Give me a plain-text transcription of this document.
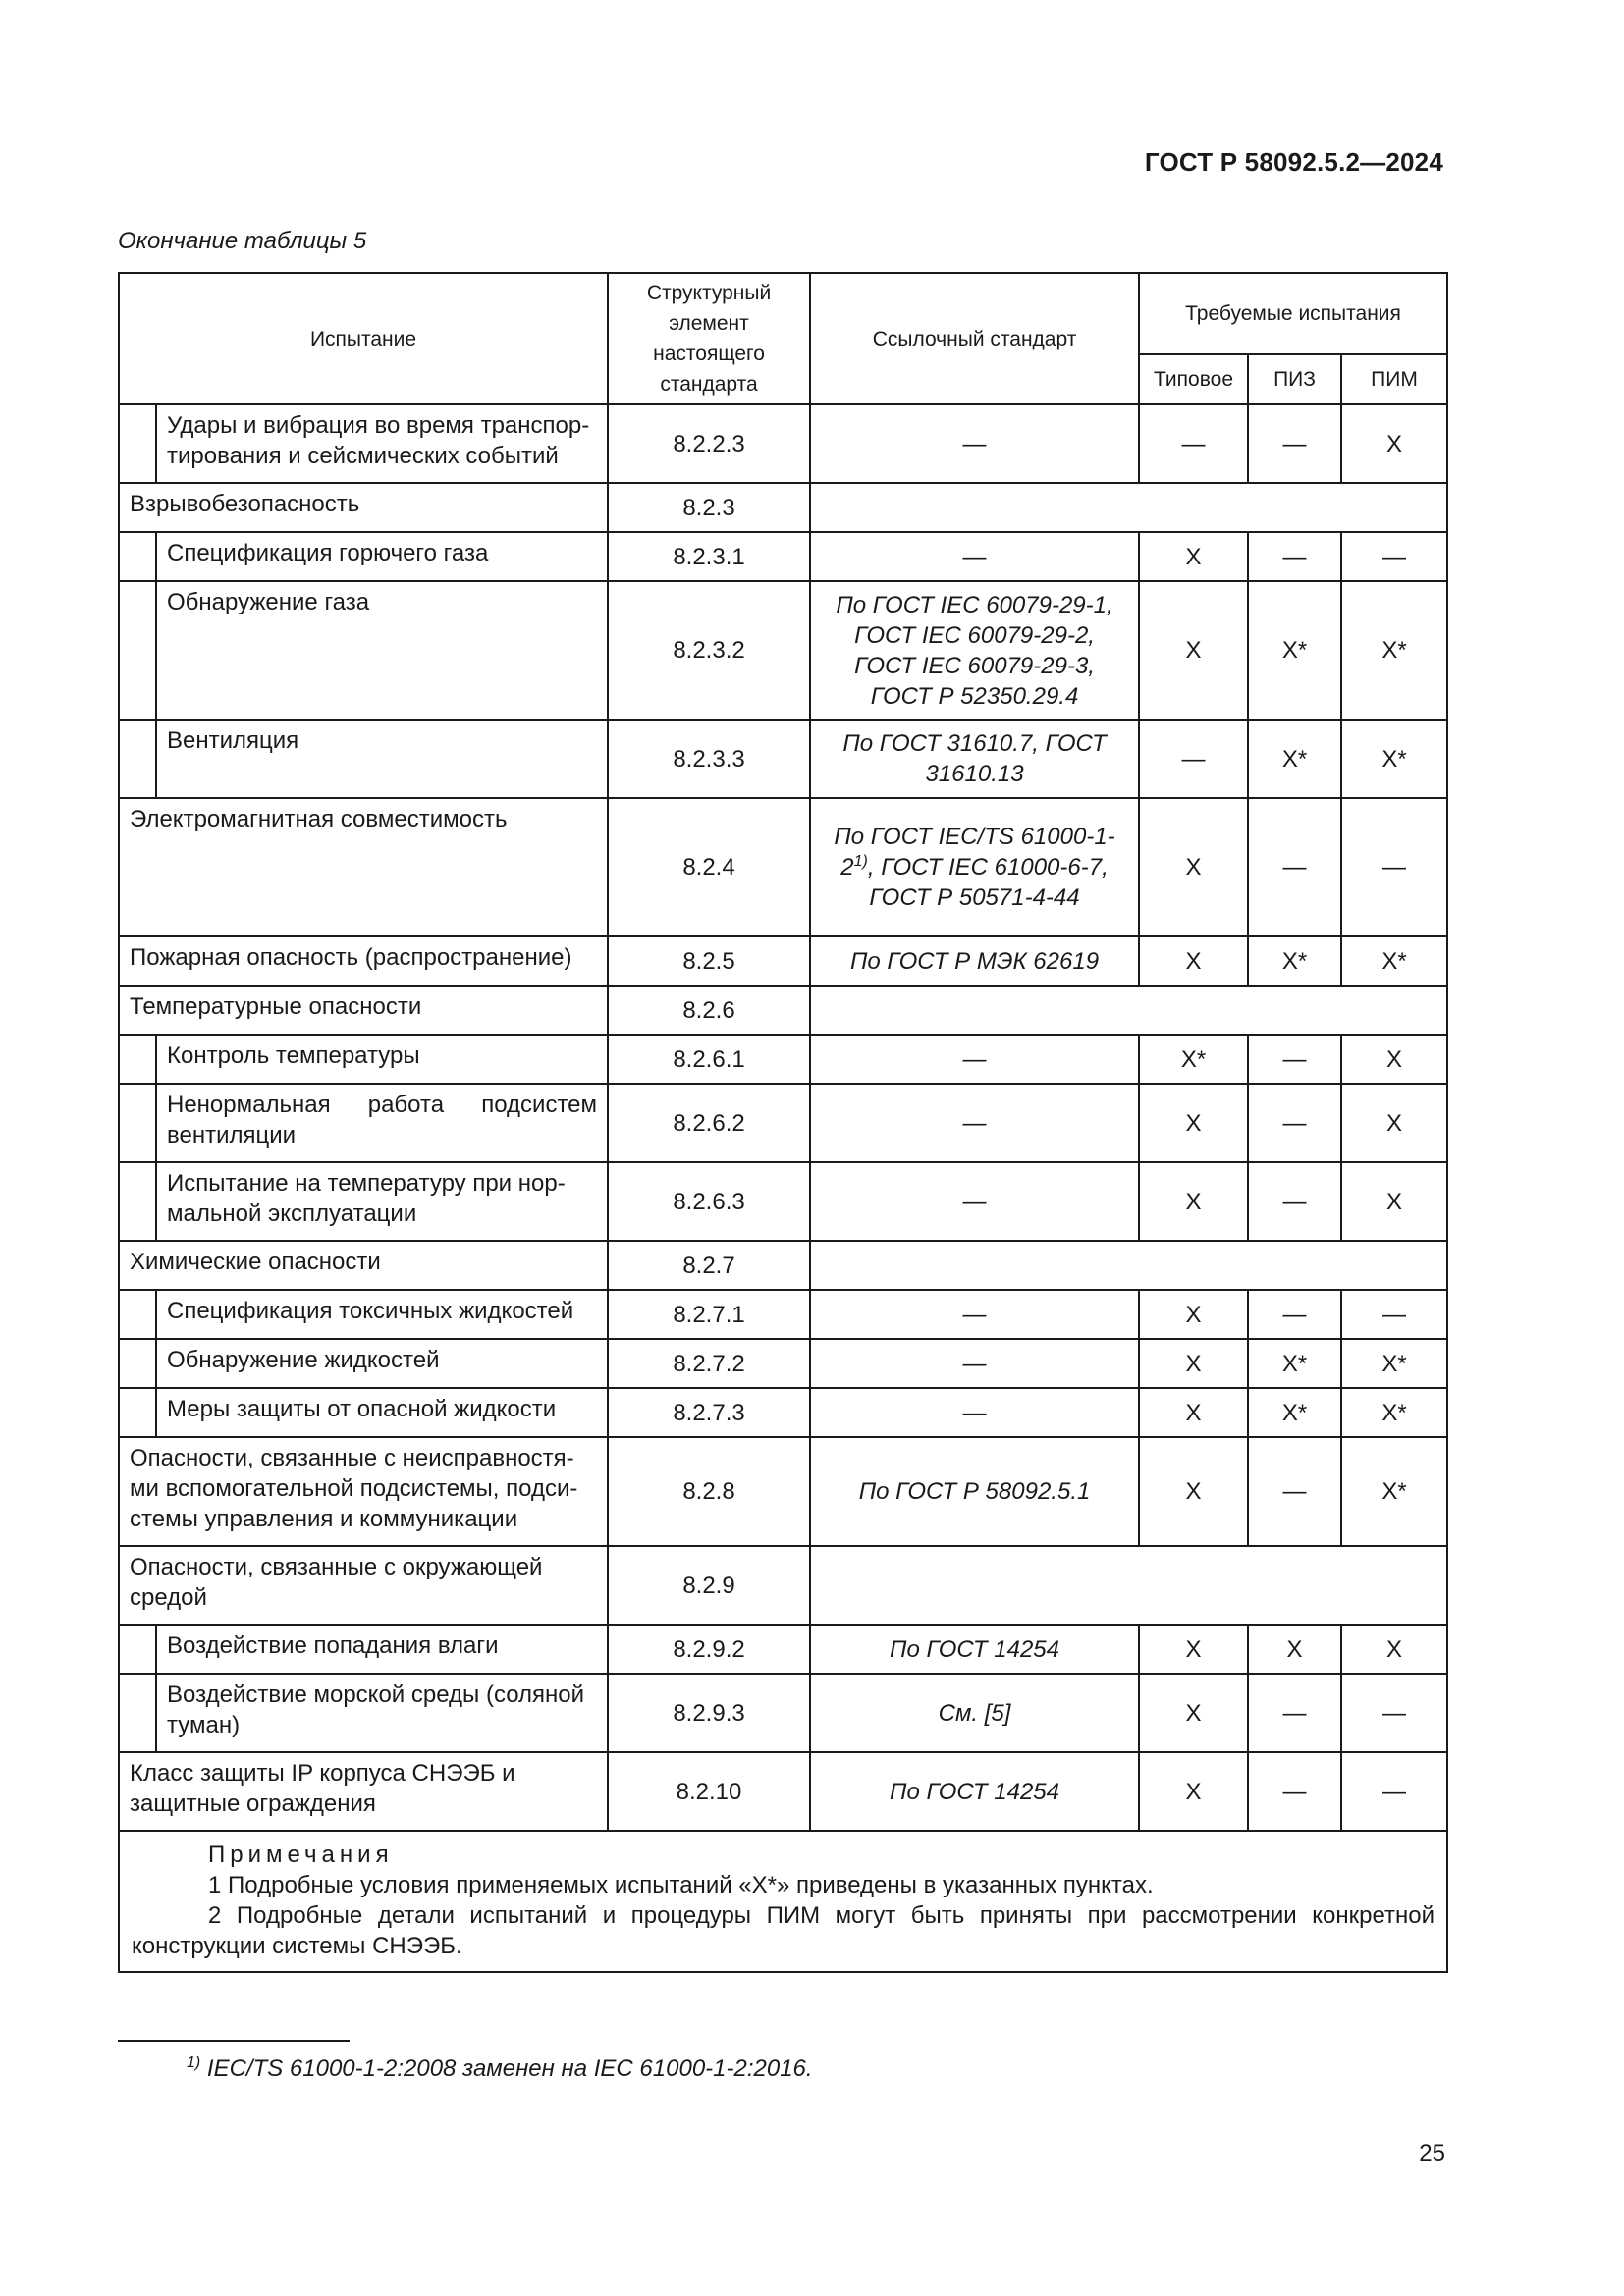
ГОСТ Р 58092.5.2—2024
Окончание таблицы 5
Испытание		Структурный элемент настоящего стандарта	Ссылочный стандарт	Требуемые испытания		
				Типовое	ПИЗ	ПИМ
	Удары и вибрация во время транспор-тирования и сейсмических событий	8.2.2.3	—	—	—	X
Взрывобезопасность		8.2.3				
	Спецификация горючего газа	8.2.3.1	—	X	—	—
	Обнаружение газа	8.2.3.2	По ГОСТ IEC 60079-29-1, ГОСТ IEC 60079-29-2, ГОСТ IEC 60079-29-3, ГОСТ Р 52350.29.4	X	X*	X*
	Вентиляция	8.2.3.3	По ГОСТ 31610.7, ГОСТ 31610.13	—	X*	X*
Электромагнитная совместимость		8.2.4	По ГОСТ IEC/TS 61000-1-2$^{1)}$, ГОСТ IEC 61000-6-7, ГОСТ Р 50571-4-44	X	—	—
Пожарная опасность (распространение)		8.2.5	По ГОСТ Р МЭК 62619	X	X*	X*
Температурные опасности		8.2.6				
	Контроль температуры	8.2.6.1	—	X*	—	X
	Ненормальная работа подсистем вентиляции	8.2.6.2	—	X	—	X
	Испытание на температуру при нор-мальной эксплуатации	8.2.6.3	—	X	—	X
Химические опасности		8.2.7				
	Спецификация токсичных жидкостей	8.2.7.1	—	X	—	—
	Обнаружение жидкостей	8.2.7.2	—	X	X*	X*
	Меры защиты от опасной жидкости	8.2.7.3	—	X	X*	X*
Опасности, связанные с неисправностя-ми вспомогательной подсистемы, подси-стемы управления и коммуникации		8.2.8	По ГОСТ Р 58092.5.1	X	—	X*
Опасности, связанные с окружающей средой		8.2.9				
	Воздействие попадания влаги	8.2.9.2	По ГОСТ 14254	X	X	X
	Воздействие морской среды (соляной туман)	8.2.9.3	См. [5]	X	—	—
Класс защиты IP корпуса СНЭЭБ и защитные ограждения		8.2.10	По ГОСТ 14254	X	—	—

Примечания
1 Подробные условия применяемых испытаний «X*» приведены в указанных пунктах.
2 Подробные детали испытаний и процедуры ПИМ могут быть приняты при рассмотрении конкретной конструкции системы СНЭЭБ.						
$^{1)}$ IEC/TS 61000-1-2:2008 заменен на IEC 61000-1-2:2016.
25
